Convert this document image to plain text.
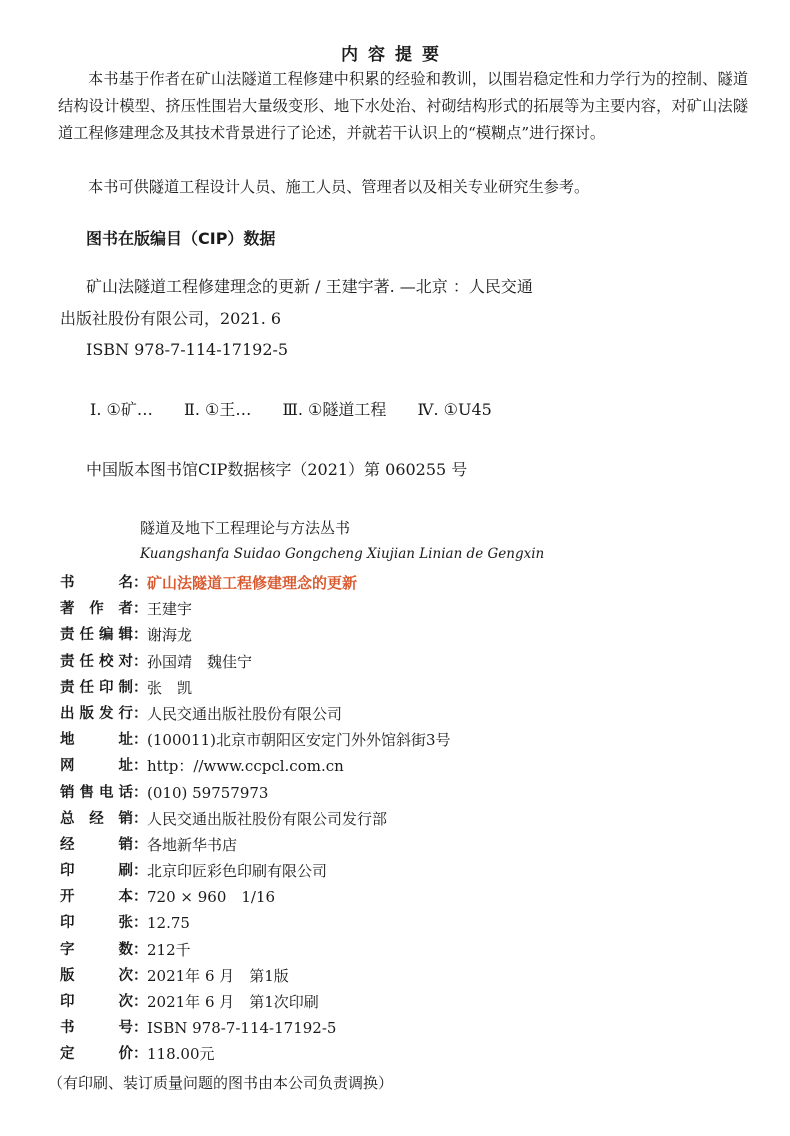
内容提要
本书基于作者在矿山法隧道工程修建中积累的经验和教训，以围岩稳定性和力学行为的控制、隧道结构设计模型、挤压性围岩大量级变形、地下水处治、衬砌结构形式的拓展等为主要内容，对矿山法隧道工程修建理念及其技术背景进行了论述，并就若干认识上的“模糊点”进行探讨。
本书可供隧道工程设计人员、施工人员、管理者以及相关专业研究生参考。
图书在版编目（CIP）数据
矿山法隧道工程修建理念的更新 / 王建宇著. —北京 ：人民交通
出版社股份有限公司，2021. 6
ISBN 978-7-114-17192-5
Ⅰ. ①矿… Ⅱ. ①王… Ⅲ. ①隧道工程 Ⅳ. ①U45
中国版本图书馆CIP数据核字（2021）第 060255 号
隧道及地下工程理论与方法丛书
Kuangshanfa Suidao Gongcheng Xiujian Linian de Gengxin
书名 ： 矿山法隧道工程修建理念的更新
著作者 ： 王建宇
责任编辑 ： 谢海龙
责任校对 ： 孙国靖　魏佳宁
责任印制 ： 张　凯
出版发行 ： 人民交通出版社股份有限公司
地址 ： (100011)北京市朝阳区安定门外外馆斜街3号
网址 ： http：//www.ccpcl.com.cn
销售电话 ： (010) 59757973
总经销 ： 人民交通出版社股份有限公司发行部
经销 ： 各地新华书店
印刷 ： 北京印匠彩色印刷有限公司
开本 ： 720 × 960　1/16
印张 ： 12.75
字数 ： 212千
版次 ： 2021年 6 月　第1版
印次 ： 2021年 6 月　第1次印刷
书号 ： ISBN 978-7-114-17192-5
定价 ： 118.00元
（有印刷、装订质量问题的图书由本公司负责调换）
